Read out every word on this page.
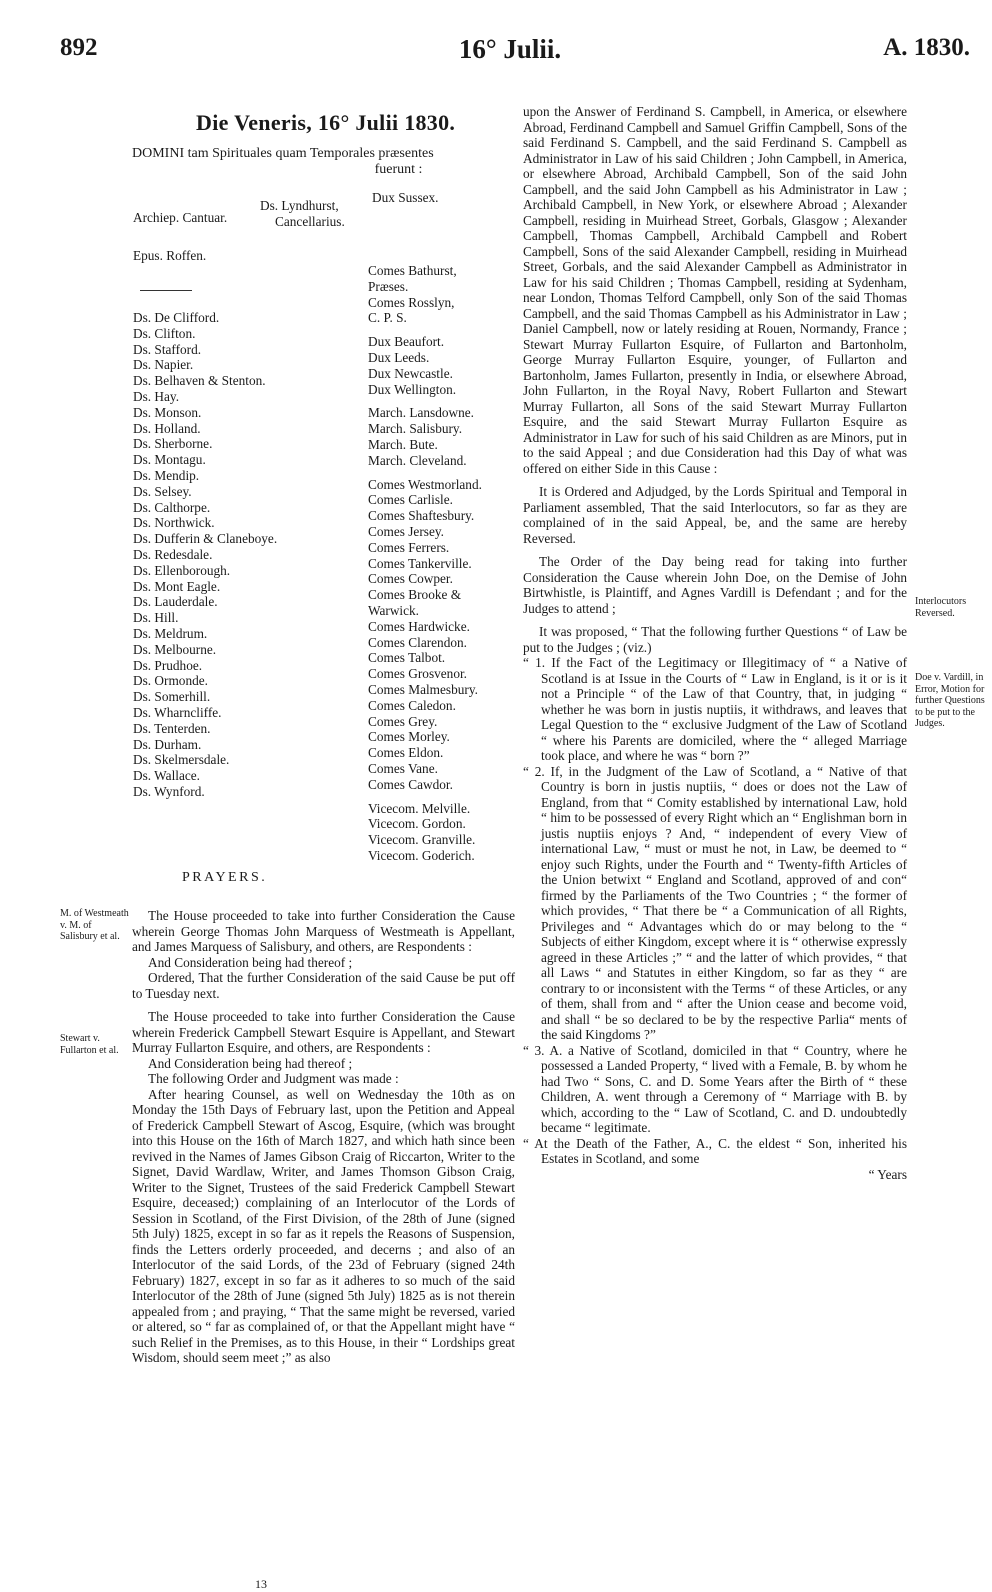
892	16° Julii.	A. 1830.
Die Veneris, 16° Julii 1830.
DOMINI tam Spirituales quam Temporales præsentes
fuerunt :
Archiep. Cantuar.
Ds. Lyndhurst,
Cancellarius.
Epus. Roffen.
Dux Sussex.
Ds. De Clifford.
Ds. Clifton.
Ds. Stafford.
Ds. Napier.
Ds. Belhaven & Stenton.
Ds. Hay.
Ds. Monson.
Ds. Holland.
Ds. Sherborne.
Ds. Montagu.
Ds. Mendip.
Ds. Selsey.
Ds. Calthorpe.
Ds. Northwick.
Ds. Dufferin & Claneboye.
Ds. Redesdale.
Ds. Ellenborough.
Ds. Mont Eagle.
Ds. Lauderdale.
Ds. Hill.
Ds. Meldrum.
Ds. Melbourne.
Ds. Prudhoe.
Ds. Ormonde.
Ds. Somerhill.
Ds. Wharncliffe.
Ds. Tenterden.
Ds. Durham.
Ds. Skelmersdale.
Ds. Wallace.
Ds. Wynford.
Comes Bathurst,
Præses.
Comes Rosslyn,
C. P. S.
Dux Beaufort.
Dux Leeds.
Dux Newcastle.
Dux Wellington.
March. Lansdowne.
March. Salisbury.
March. Bute.
March. Cleveland.
Comes Westmorland.
Comes Carlisle.
Comes Shaftesbury.
Comes Jersey.
Comes Ferrers.
Comes Tankerville.
Comes Cowper.
Comes Brooke &
Warwick.
Comes Hardwicke.
Comes Clarendon.
Comes Talbot.
Comes Grosvenor.
Comes Malmesbury.
Comes Caledon.
Comes Grey.
Comes Morley.
Comes Eldon.
Comes Vane.
Comes Cawdor.
Vicecom. Melville.
Vicecom. Gordon.
Vicecom. Granville.
Vicecom. Goderich.
PRAYERS.
M. of Westmeath v. M. of Salisbury et al.
Stewart v. Fullarton et al.
Interlocutors Reversed.
Doe v. Vardill, in Error, Motion for further Questions to be put to the Judges.

The House proceeded to take into further Consideration the Cause wherein George Thomas John Marquess of Westmeath is Appellant, and James Marquess of Salisbury, and others, are Respondents :

And Consideration being had thereof ;

Ordered, That the further Consideration of the said Cause be put off to Tuesday next.

The House proceeded to take into further Consideration the Cause wherein Frederick Campbell Stewart Esquire is Appellant, and Stewart Murray Fullarton Esquire, and others, are Respondents :

And Consideration being had thereof ;

The following Order and Judgment was made :

After hearing Counsel, as well on Wednesday the 10th as on Monday the 15th Days of February last, upon the Petition and Appeal of Frederick Campbell Stewart of Ascog, Esquire, (which was brought into this House on the 16th of March 1827, and which hath since been revived in the Names of James Gibson Craig of Riccarton, Writer to the Signet, David Wardlaw, Writer, and James Thomson Gibson Craig, Writer to the Signet, Trustees of the said Frederick Campbell Stewart Esquire, deceased;) complaining of an Interlocutor of the Lords of Session in Scotland, of the First Division, of the 28th of June (signed 5th July) 1825, except in so far as it repels the Reasons of Suspension, finds the Letters orderly proceeded, and decerns ; and also of an Interlocutor of the said Lords, of the 23d of February (signed 24th February) 1827, except in so far as it adheres to so much of the said Interlocutor of the 28th of June (signed 5th July) 1825 as is not therein appealed from ; and praying, “ That the same might be reversed, varied or altered, so “ far as complained of, or that the Appellant might have “ such Relief in the Premises, as to this House, in their “ Lordships great Wisdom, should seem meet ;” as also

upon the Answer of Ferdinand S. Campbell, in America, or elsewhere Abroad, Ferdinand Campbell and Samuel Griffin Campbell, Sons of the said Ferdinand S. Campbell, and the said Ferdinand S. Campbell as Administrator in Law of his said Children ; John Campbell, in America, or elsewhere Abroad, Archibald Campbell, Son of the said John Campbell, and the said John Campbell as his Administrator in Law ; Archibald Campbell, in New York, or elsewhere Abroad ; Alexander Campbell, residing in Muirhead Street, Gorbals, Glasgow ; Alexander Campbell, Thomas Campbell, Archibald Campbell and Robert Campbell, Sons of the said Alexander Campbell, residing in Muirhead Street, Gorbals, and the said Alexander Campbell as Administrator in Law for his said Children ; Thomas Campbell, residing at Sydenham, near London, Thomas Telford Campbell, only Son of the said Thomas Campbell, and the said Thomas Campbell as his Administrator in Law ; Daniel Campbell, now or lately residing at Rouen, Normandy, France ; Stewart Murray Fullarton Esquire, of Fullarton and Bartonholm, George Murray Fullarton Esquire, younger, of Fullarton and Bartonholm, James Fullarton, presently in India, or elsewhere Abroad, John Fullarton, in the Royal Navy, Robert Fullarton and Stewart Murray Fullarton, all Sons of the said Stewart Murray Fullarton Esquire, and the said Stewart Murray Fullarton Esquire as Administrator in Law for such of his said Children as are Minors, put in to the said Appeal ; and due Consideration had this Day of what was offered on either Side in this Cause :

It is Ordered and Adjudged, by the Lords Spiritual and Temporal in Parliament assembled, That the said Interlocutors, so far as they are complained of in the said Appeal, be, and the same are hereby Reversed.

The Order of the Day being read for taking into further Consideration the Cause wherein John Doe, on the Demise of John Birtwhistle, is Plaintiff, and Agnes Vardill is Defendant ; and for the Judges to attend ;

It was proposed, “ That the following further Questions “ of Law be put to the Judges ; (viz.)

“ 1. If the Fact of the Legitimacy or Illegitimacy of “ a Native of Scotland is at Issue in the Courts of “ Law in England, is it or is it not a Principle “ of the Law of that Country, that, in judging “ whether he was born in justis nuptiis, it withdraws, and leaves that Legal Question to the “ exclusive Judgment of the Law of Scotland “ where his Parents are domiciled, where the “ alleged Marriage took place, and where he was “ born ?”

“ 2. If, in the Judgment of the Law of Scotland, a “ Native of that Country is born in justis nuptiis, “ does or does not the Law of England, from that “ Comity established by international Law, hold “ him to be possessed of every Right which an “ Englishman born in justis nuptiis enjoys ? And, “ independent of every View of international Law, “ must or must he not, in Law, be deemed to “ enjoy such Rights, under the Fourth and “ Twenty-fifth Articles of the Union betwixt “ England and Scotland, approved of and con“ firmed by the Parliaments of the Two Countries ; “ the former of which provides, “ That there be “ a Communication of all Rights, Privileges and “ Advantages which do or may belong to the “ Subjects of either Kingdom, except where it is “ otherwise expressly agreed in these Articles ;” “ and the latter of which provides, “ that all Laws “ and Statutes in either Kingdom, so far as they “ are contrary to or inconsistent with the Terms “ of these Articles, or any of them, shall from and “ after the Union cease and become void, and shall “ be so declared to be by the respective Parlia“ ments of the said Kingdoms ?”

“ 3. A. a Native of Scotland, domiciled in that “ Country, where he possessed a Landed Property, “ lived with a Female, B. by whom he had Two “ Sons, C. and D. Some Years after the Birth of “ these Children, A. went through a Ceremony of “ Marriage with B. by which, according to the “ Law of Scotland, C. and D. undoubtedly became “ legitimate.

“ At the Death of the Father, A., C. the eldest “ Son, inherited his Estates in Scotland, and some

“ Years

13
